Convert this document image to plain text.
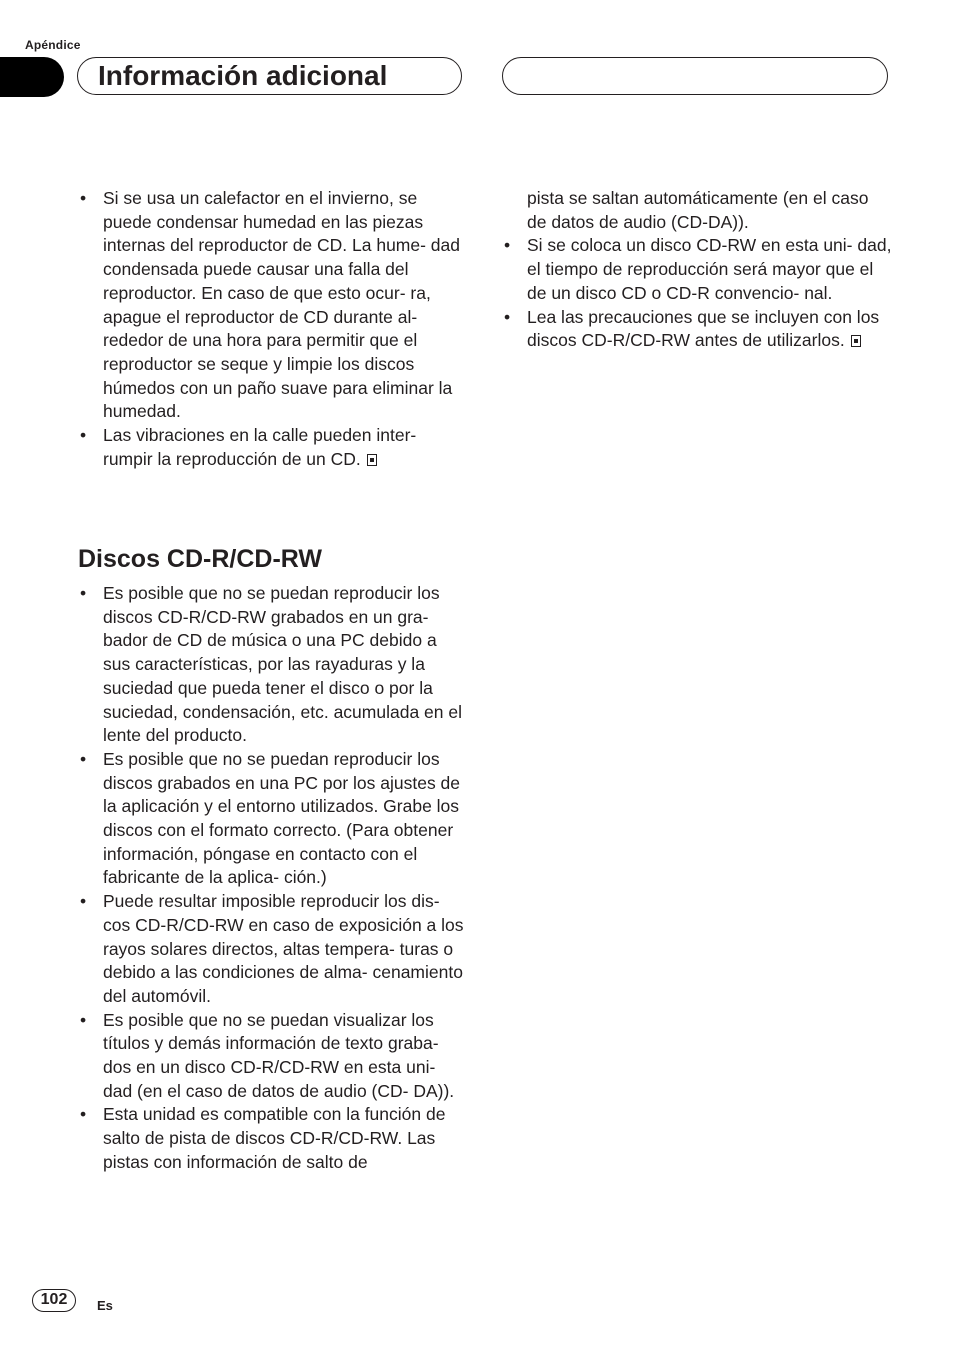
Apéndice
Información adicional
• Si se usa un calefactor en el invierno, se puede condensar humedad en las piezas internas del reproductor de CD. La hume- dad condensada puede causar una falla del reproductor. En caso de que esto ocur- ra, apague el reproductor de CD durante al- rededor de una hora para permitir que el reproductor se seque y limpie los discos húmedos con un paño suave para eliminar la humedad.
• Las vibraciones en la calle pueden inter- rumpir la reproducción de un CD.
Discos CD-R/CD-RW
• Es posible que no se puedan reproducir los discos CD-R/CD-RW grabados en un gra- bador de CD de música o una PC debido a sus características, por las rayaduras y la suciedad que pueda tener el disco o por la suciedad, condensación, etc. acumulada en el lente del producto.
• Es posible que no se puedan reproducir los discos grabados en una PC por los ajustes de la aplicación y el entorno utilizados. Grabe los discos con el formato correcto. (Para obtener información, póngase en contacto con el fabricante de la aplica- ción.)
• Puede resultar imposible reproducir los dis- cos CD-R/CD-RW en caso de exposición a los rayos solares directos, altas tempera- turas o debido a las condiciones de alma- cenamiento del automóvil.
• Es posible que no se puedan visualizar los títulos y demás información de texto graba- dos en un disco CD-R/CD-RW en esta uni- dad (en el caso de datos de audio (CD- DA)).
• Esta unidad es compatible con la función de salto de pista de discos CD-R/CD-RW. Las pistas con información de salto de
pista se saltan automáticamente (en el caso de datos de audio (CD-DA)).
• Si se coloca un disco CD-RW en esta uni- dad, el tiempo de reproducción será mayor que el de un disco CD o CD-R convencio- nal.
• Lea las precauciones que se incluyen con los discos CD-R/CD-RW antes de utilizarlos.
102	Es
